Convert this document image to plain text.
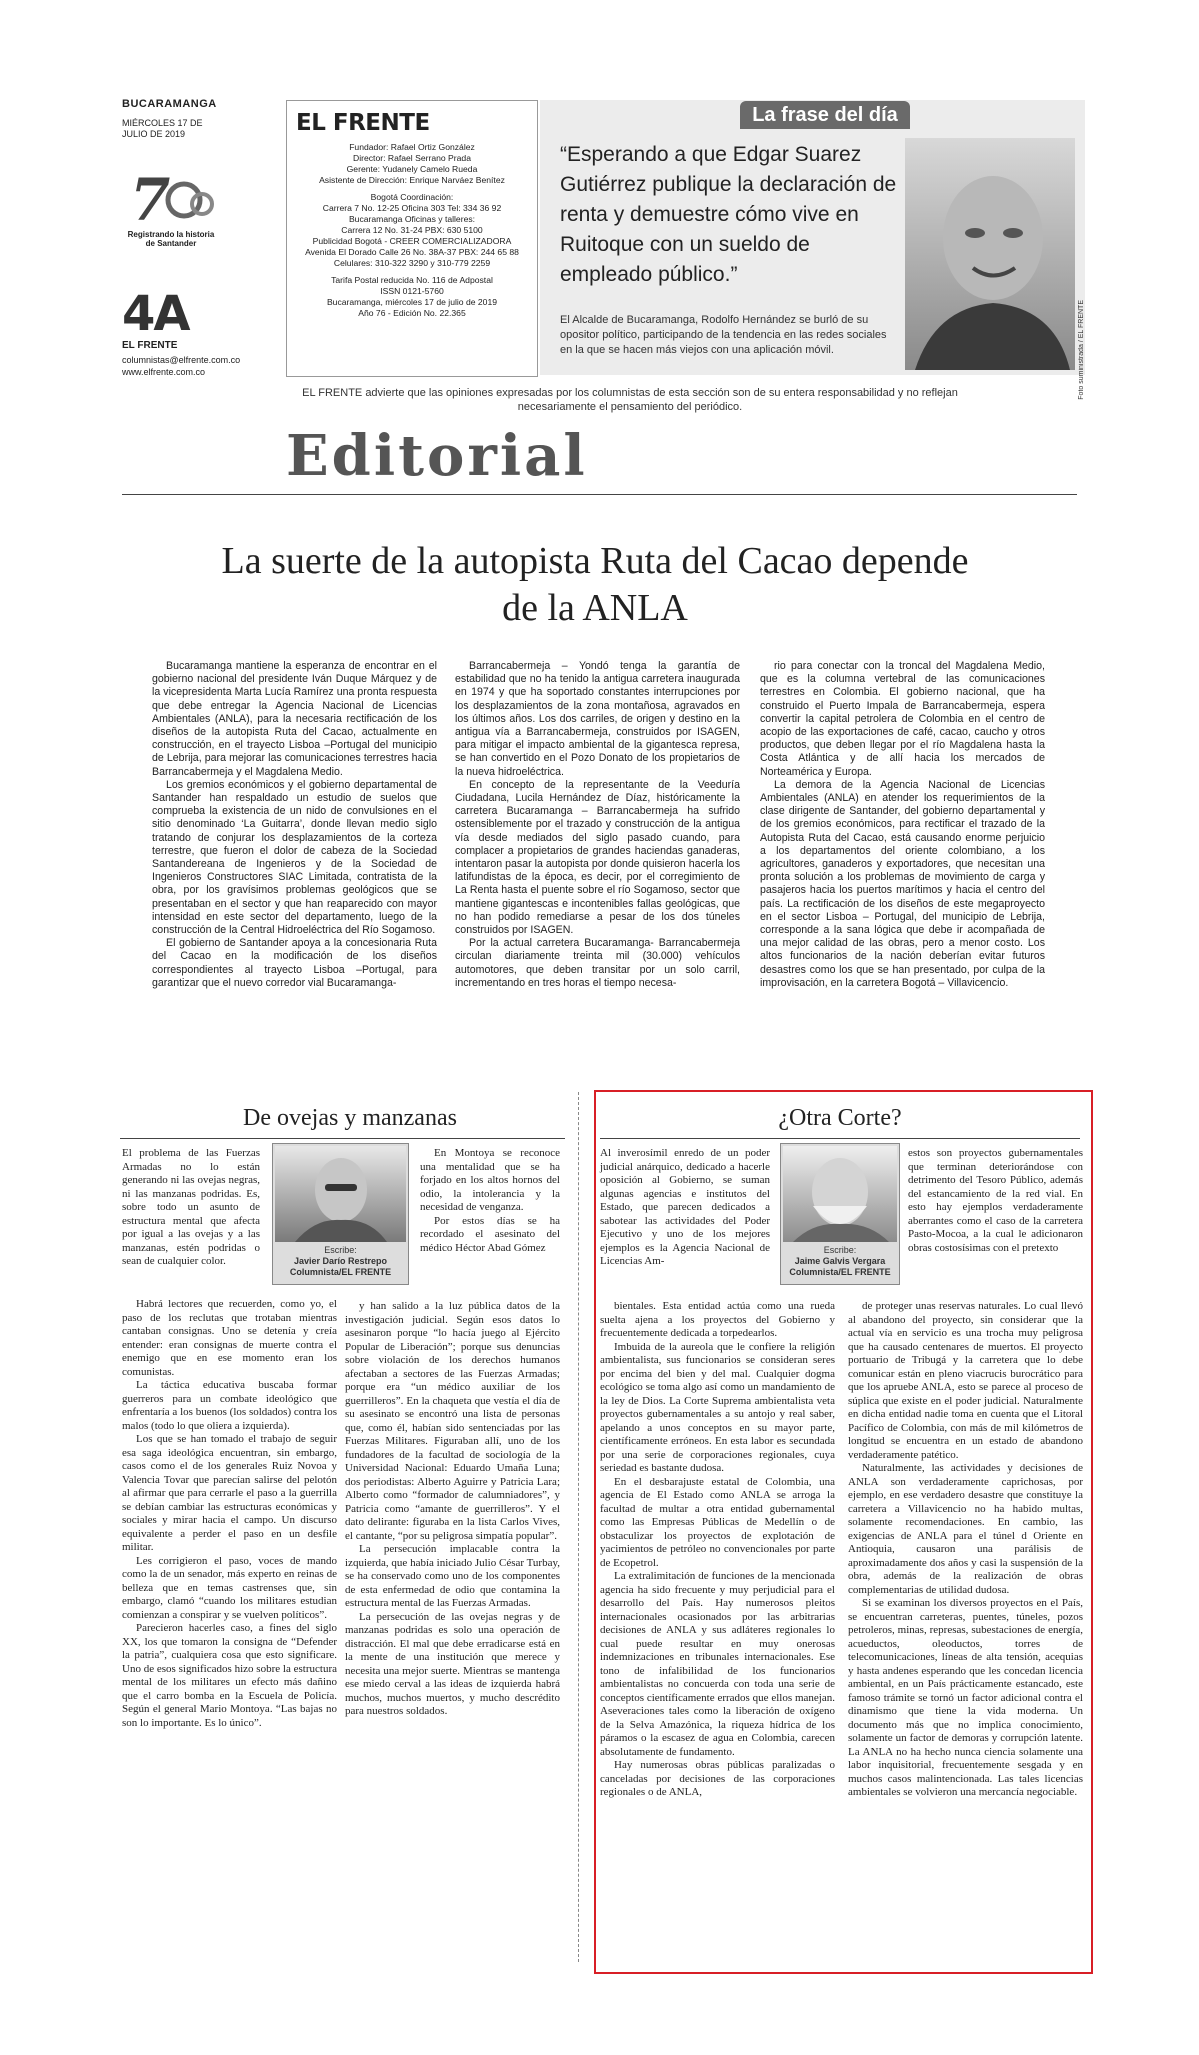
BUCARAMANGA
MIÉRCOLES 17 DE JULIO DE 2019
7
Registrando la historia de Santander
4A
EL FRENTE
columnistas@elfrente.com.co
www.elfrente.com.co
EL FRENTE
Fundador: Rafael Ortiz González
Director: Rafael Serrano Prada
Gerente: Yudanely Camelo Rueda
Asistente de Dirección: Enrique Narváez Benítez
Bogotá Coordinación:
Carrera 7 No. 12-25 Oficina 303 Tel: 334 36 92
Bucaramanga Oficinas y talleres:
Carrera 12 No. 31-24 PBX: 630 5100
Publicidad Bogotá - CREER COMERCIALIZADORA
Avenida El Dorado Calle 26 No. 38A-37 PBX: 244 65 88
Celulares: 310-322 3290 y 310-779 2259
Tarifa Postal reducida No. 116 de Adpostal
ISSN 0121-5760
Bucaramanga, miércoles 17 de julio de 2019
Año 76 - Edición No. 22.365
La frase del día
“Esperando a que Edgar Suarez Gutiérrez publique la declaración de renta y demuestre cómo vive en Ruitoque con un sueldo de empleado público.”
El Alcalde de Bucaramanga, Rodolfo Hernández se burló de su opositor político, participando de la tendencia en las redes sociales en la que se hacen más viejos con una aplicación móvil.	Foto suministrada / EL FRENTE
EL FRENTE advierte que las opiniones expresadas por los columnistas de esta sección son de su entera responsabilidad y no reflejan necesariamente el pensamiento del periódico.
Editorial
La suerte de la autopista Ruta del Cacao depende de la ANLA

Bucaramanga mantiene la esperanza de encontrar en el gobierno nacional del presidente Iván Duque Márquez y de la vicepresidenta Marta Lucía Ramírez una pronta respuesta que debe entregar la Agencia Nacional de Licencias Ambientales (ANLA), para la necesaria rectificación de los diseños de la autopista Ruta del Cacao, actualmente en construcción, en el trayecto Lisboa –Portugal del municipio de Lebrija, para mejorar las comunicaciones terrestres hacia Barrancabermeja y el Magdalena Medio.

Los gremios económicos y el gobierno departamental de Santander han respaldado un estudio de suelos que comprueba la existencia de un nido de convulsiones en el sitio denominado ‘La Guitarra’, donde llevan medio siglo tratando de conjurar los desplazamientos de la corteza terrestre, que fueron el dolor de cabeza de la Sociedad Santandereana de Ingenieros y de la Sociedad de Ingenieros Constructores SIAC Limitada, contratista de la obra, por los gravísimos problemas geológicos que se presentaban en el sector y que han reaparecido con mayor intensidad en este sector del departamento, luego de la construcción de la Central Hidroeléctrica del Río Sogamoso.

El gobierno de Santander apoya a la concesionaria Ruta del Cacao en la modificación de los diseños correspondientes al trayecto Lisboa –Portugal, para garantizar que el nuevo corredor vial Bucaramanga-

Barrancabermeja – Yondó tenga la garantía de estabilidad que no ha tenido la antigua carretera inaugurada en 1974 y que ha soportado constantes interrupciones por los desplazamientos de la zona montañosa, agravados en los últimos años. Los dos carriles, de origen y destino en la antigua vía a Barrancabermeja, construidos por ISAGEN, para mitigar el impacto ambiental de la gigantesca represa, se han convertido en el Pozo Donato de los propietarios de la nueva hidroeléctrica.

En concepto de la representante de la Veeduría Ciudadana, Lucila Hernández de Díaz, históricamente la carretera Bucaramanga – Barrancabermeja ha sufrido ostensiblemente por el trazado y construcción de la antigua vía desde mediados del siglo pasado cuando, para complacer a propietarios de grandes haciendas ganaderas, intentaron pasar la autopista por donde quisieron hacerla los latifundistas de la época, es decir, por el corregimiento de La Renta hasta el puente sobre el río Sogamoso, sector que mantiene gigantescas e incontenibles fallas geológicas, que no han podido remediarse a pesar de los dos túneles construidos por ISAGEN.

Por la actual carretera Bucaramanga- Barrancabermeja circulan diariamente treinta mil (30.000) vehículos automotores, que deben transitar por un solo carril, incrementando en tres horas el tiempo necesa-

rio para conectar con la troncal del Magdalena Medio, que es la columna vertebral de las comunicaciones terrestres en Colombia. El gobierno nacional, que ha construido el Puerto Impala de Barrancabermeja, espera convertir la capital petrolera de Colombia en el centro de acopio de las exportaciones de café, cacao, caucho y otros productos, que deben llegar por el río Magdalena hasta la Costa Atlántica y de allí hacia los mercados de Norteamérica y Europa.

La demora de la Agencia Nacional de Licencias Ambientales (ANLA) en atender los requerimientos de la clase dirigente de Santander, del gobierno departamental y de los gremios económicos, para rectificar el trazado de la Autopista Ruta del Cacao, está causando enorme perjuicio a los departamentos del oriente colombiano, a los agricultores, ganaderos y exportadores, que necesitan una pronta solución a los problemas de movimiento de carga y pasajeros hacia los puertos marítimos y hacia el centro del país. La rectificación de los diseños de este megaproyecto en el sector Lisboa – Portugal, del municipio de Lebrija, corresponde a la sana lógica que debe ir acompañada de una mejor calidad de las obras, pero a menor costo. Los altos funcionarios de la nación deberían evitar futuros desastres como los que se han presentado, por culpa de la improvisación, en la carretera Bogotá – Villavicencio.

De ovejas y manzanas	¿Otra Corte?
El problema de las Fuerzas Armadas no lo están generando ni las ovejas negras, ni las manzanas podridas. Es, sobre todo un asunto de estructura mental que afecta por igual a las ovejas y a las manzanas, estén podridas o sean de cualquier color.
Escribe:
Javier Darío Restrepo
Columnista/EL FRENTE

En Montoya se reconoce una mentalidad que se ha forjado en los altos hornos del odio, la intolerancia y la necesidad de venganza.

Por estos días se ha recordado el asesinato del médico Héctor Abad Gómez

Habrá lectores que recuerden, como yo, el paso de los reclutas que trotaban mientras cantaban consignas. Uno se detenía y creía entender: eran consignas de muerte contra el enemigo que en ese momento eran los comunistas.

La táctica educativa buscaba formar guerreros para un combate ideológico que enfrentaría a los buenos (los soldados) contra los malos (todo lo que oliera a izquierda).

Los que se han tomado el trabajo de seguir esa saga ideológica encuentran, sin embargo, casos como el de los generales Ruiz Novoa y Valencia Tovar que parecían salirse del pelotón al afirmar que para cerrarle el paso a la guerrilla se debían cambiar las estructuras económicas y sociales y mirar hacia el campo. Un discurso equivalente a perder el paso en un desfile militar.

Les corrigieron el paso, voces de mando como la de un senador, más experto en reinas de belleza que en temas castrenses que, sin embargo, clamó “cuando los militares estudian comienzan a conspirar y se vuelven políticos”.

Parecieron hacerles caso, a fines del siglo XX, los que tomaron la consigna de “Defender la patria”, cualquiera cosa que esto significare. Uno de esos significados hizo sobre la estructura mental de los militares un efecto más dañino que el carro bomba en la Escuela de Policía. Según el general Mario Montoya. “Las bajas no son lo importante. Es lo único”.

y han salido a la luz pública datos de la investigación judicial. Según esos datos lo asesinaron porque “lo hacía juego al Ejército Popular de Liberación”; porque sus denuncias sobre violación de los derechos humanos afectaban a sectores de las Fuerzas Armadas; porque era “un médico auxiliar de los guerrilleros”. En la chaqueta que vestía el día de su asesinato se encontró una lista de personas que, como él, habían sido sentenciadas por las Fuerzas Militares. Figuraban allí, uno de los fundadores de la facultad de sociología de la Universidad Nacional: Eduardo Umaña Luna; dos periodistas: Alberto Aguirre y Patricia Lara; Alberto como “formador de calumniadores”, y Patricia como “amante de guerrilleros”. Y el dato delirante: figuraba en la lista Carlos Vives, el cantante, “por su peligrosa simpatía popular”.

La persecución implacable contra la izquierda, que había iniciado Julio César Turbay, se ha conservado como uno de los componentes de esta enfermedad de odio que contamina la estructura mental de las Fuerzas Armadas.

La persecución de las ovejas negras y de manzanas podridas es solo una operación de distracción. El mal que debe erradicarse está en la mente de una institución que merece y necesita una mejor suerte. Mientras se mantenga ese miedo cerval a las ideas de izquierda habrá muchos, muchos muertos, y mucho descrédito para nuestros soldados.

Al inverosímil enredo de un poder judicial anárquico, dedicado a hacerle oposición al Gobierno, se suman algunas agencias e institutos del Estado, que parecen dedicados a sabotear las actividades del Poder Ejecutivo y uno de los mejores ejemplos es la Agencia Nacional de Licencias Am-
Escribe:
Jaime Galvis Vergara
Columnista/EL FRENTE
estos son proyectos gubernamentales que terminan deteriorándose con detrimento del Tesoro Público, además del estancamiento de la red vial. En esto hay ejemplos verdaderamente aberrantes como el caso de la carretera Pasto-Mocoa, a la cual le adicionaron obras costosísimas con el pretexto

bientales. Esta entidad actúa como una rueda suelta ajena a los proyectos del Gobierno y frecuentemente dedicada a torpedearlos.

Imbuida de la aureola que le confiere la religión ambientalista, sus funcionarios se consideran seres por encima del bien y del mal. Cualquier dogma ecológico se toma algo así como un mandamiento de la ley de Dios. La Corte Suprema ambientalista veta proyectos gubernamentales a su antojo y real saber, apelando a unos conceptos en su mayor parte, científicamente erróneos. En esta labor es secundada por una serie de corporaciones regionales, cuya seriedad es bastante dudosa.

En el desbarajuste estatal de Colombia, una agencia de El Estado como ANLA se arroga la facultad de multar a otra entidad gubernamental como las Empresas Públicas de Medellín o de obstaculizar los proyectos de explotación de yacimientos de petróleo no convencionales por parte de Ecopetrol.

La extralimitación de funciones de la mencionada agencia ha sido frecuente y muy perjudicial para el desarrollo del País. Hay numerosos pleitos internacionales ocasionados por las arbitrarias decisiones de ANLA y sus adláteres regionales lo cual puede resultar en muy onerosas indemnizaciones en tribunales internacionales. Ese tono de infalibilidad de los funcionarios ambientalistas no concuerda con toda una serie de conceptos científicamente errados que ellos manejan. Aseveraciones tales como la liberación de oxígeno de la Selva Amazónica, la riqueza hídrica de los páramos o la escasez de agua en Colombia, carecen absolutamente de fundamento.

Hay numerosas obras públicas paralizadas o canceladas por decisiones de las corporaciones regionales o de ANLA,

de proteger unas reservas naturales. Lo cual llevó al abandono del proyecto, sin considerar que la actual vía en servicio es una trocha muy peligrosa que ha causado centenares de muertos. El proyecto portuario de Tribugá y la carretera que lo debe comunicar están en pleno viacrucis burocrático para que los apruebe ANLA, esto se parece al proceso de súplica que existe en el poder judicial. Naturalmente en dicha entidad nadie toma en cuenta que el Litoral Pacífico de Colombia, con más de mil kilómetros de longitud se encuentra en un estado de abandono verdaderamente patético.

Naturalmente, las actividades y decisiones de ANLA son verdaderamente caprichosas, por ejemplo, en ese verdadero desastre que constituye la carretera a Villavicencio no ha habido multas, solamente recomendaciones. En cambio, las exigencias de ANLA para el túnel d Oriente en Antioquia, causaron una parálisis de aproximadamente dos años y casi la suspensión de la obra, además de la realización de obras complementarias de utilidad dudosa.

Si se examinan los diversos proyectos en el País, se encuentran carreteras, puentes, túneles, pozos petroleros, minas, represas, subestaciones de energía, acueductos, oleoductos, torres de telecomunicaciones, líneas de alta tensión, acequias y hasta andenes esperando que les concedan licencia ambiental, en un País prácticamente estancado, este famoso trámite se tornó un factor adicional contra el dinamismo que tiene la vida moderna. Un documento más que no implica conocimiento, solamente un factor de demoras y corrupción latente. La ANLA no ha hecho nunca ciencia solamente una labor inquisitorial, frecuentemente sesgada y en muchos casos malintencionada. Las tales licencias ambientales se volvieron una mercancía negociable.
